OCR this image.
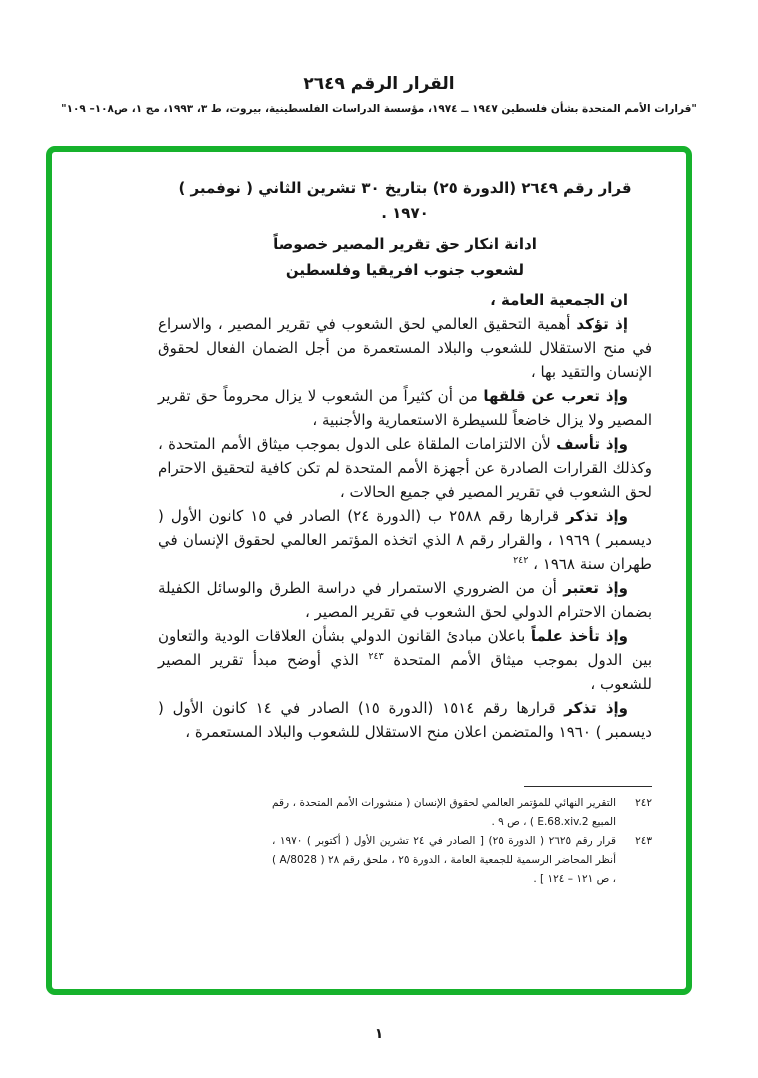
القرار الرقم ٢٦٤٩
"قرارات الأمم المتحدة بشأن فلسطين ١٩٤٧ ــ ١٩٧٤، مؤسسة الدراسات الفلسطينية، بيروت، ط ٣، ١٩٩٣، مج ١، ص١٠٨– ١٠٩"
قرار رقم ٢٦٤٩ (الدورة ٢٥) بتاريخ ٣٠ تشرين الثاني ( نوفمبر )
١٩٧٠ .
ادانة انكار حق تقرير المصير خصوصاً
لشعوب جنوب افريقيا وفلسطين

ان الجمعية العامة ،

إذ تؤكد أهمية التحقيق العالمي لحق الشعوب في تقرير المصير ، والاسراع في منح الاستقلال للشعوب والبلاد المستعمرة من أجل الضمان الفعال لحقوق الإنسان والتقيد بها ،

وإذ تعرب عن قلقها من أن كثيراً من الشعوب لا يزال محروماً حق تقرير المصير ولا يزال خاضعاً للسيطرة الاستعمارية والأجنبية ،

وإذ تأسف لأن الالتزامات الملقاة على الدول بموجب ميثاق الأمم المتحدة ، وكذلك القرارات الصادرة عن أجهزة الأمم المتحدة لم تكن كافية لتحقيق الاحترام لحق الشعوب في تقرير المصير في جميع الحالات ،

وإذ تذكر قرارها رقم ٢٥٨٨ ب (الدورة ٢٤) الصادر في ١٥ كانون الأول ( ديسمبر ) ١٩٦٩ ، والقرار رقم ٨ الذي اتخذه المؤتمر العالمي لحقوق الإنسان في طهران سنة ١٩٦٨ ، $^{٢٤٢}$

وإذ تعتبر أن من الضروري الاستمرار في دراسة الطرق والوسائل الكفيلة بضمان الاحترام الدولي لحق الشعوب في تقرير المصير ،

وإذ تأخذ علماً باعلان مبادئ القانون الدولي بشأن العلاقات الودية والتعاون بين الدول بموجب ميثاق الأمم المتحدة $^{٢٤٣}$ الذي أوضح مبدأ تقرير المصير للشعوب ،

وإذ تذكر قرارها رقم ١٥١٤ (الدورة ١٥) الصادر في ١٤ كانون الأول ( ديسمبر ) ١٩٦٠ والمتضمن اعلان منح الاستقلال للشعوب والبلاد المستعمرة ،

٢٤٢
التقرير النهائي للمؤتمر العالمي لحقوق الإنسان ( منشورات الأمم المتحدة ، رقم المبيع E.68.xiv.2 ) ، ص ٩ .
٢٤٣
قرار رقم ٢٦٢٥ ( الدورة ٢٥) [ الصادر في ٢٤ تشرين الأول ( أكتوبر ) ١٩٧٠ ، أنظر المحاضر الرسمية للجمعية العامة ، الدورة ٢٥ ، ملحق رقم ٢٨ ( A/8028 ) ، ص ١٢١ – ١٢٤ ] .
١
